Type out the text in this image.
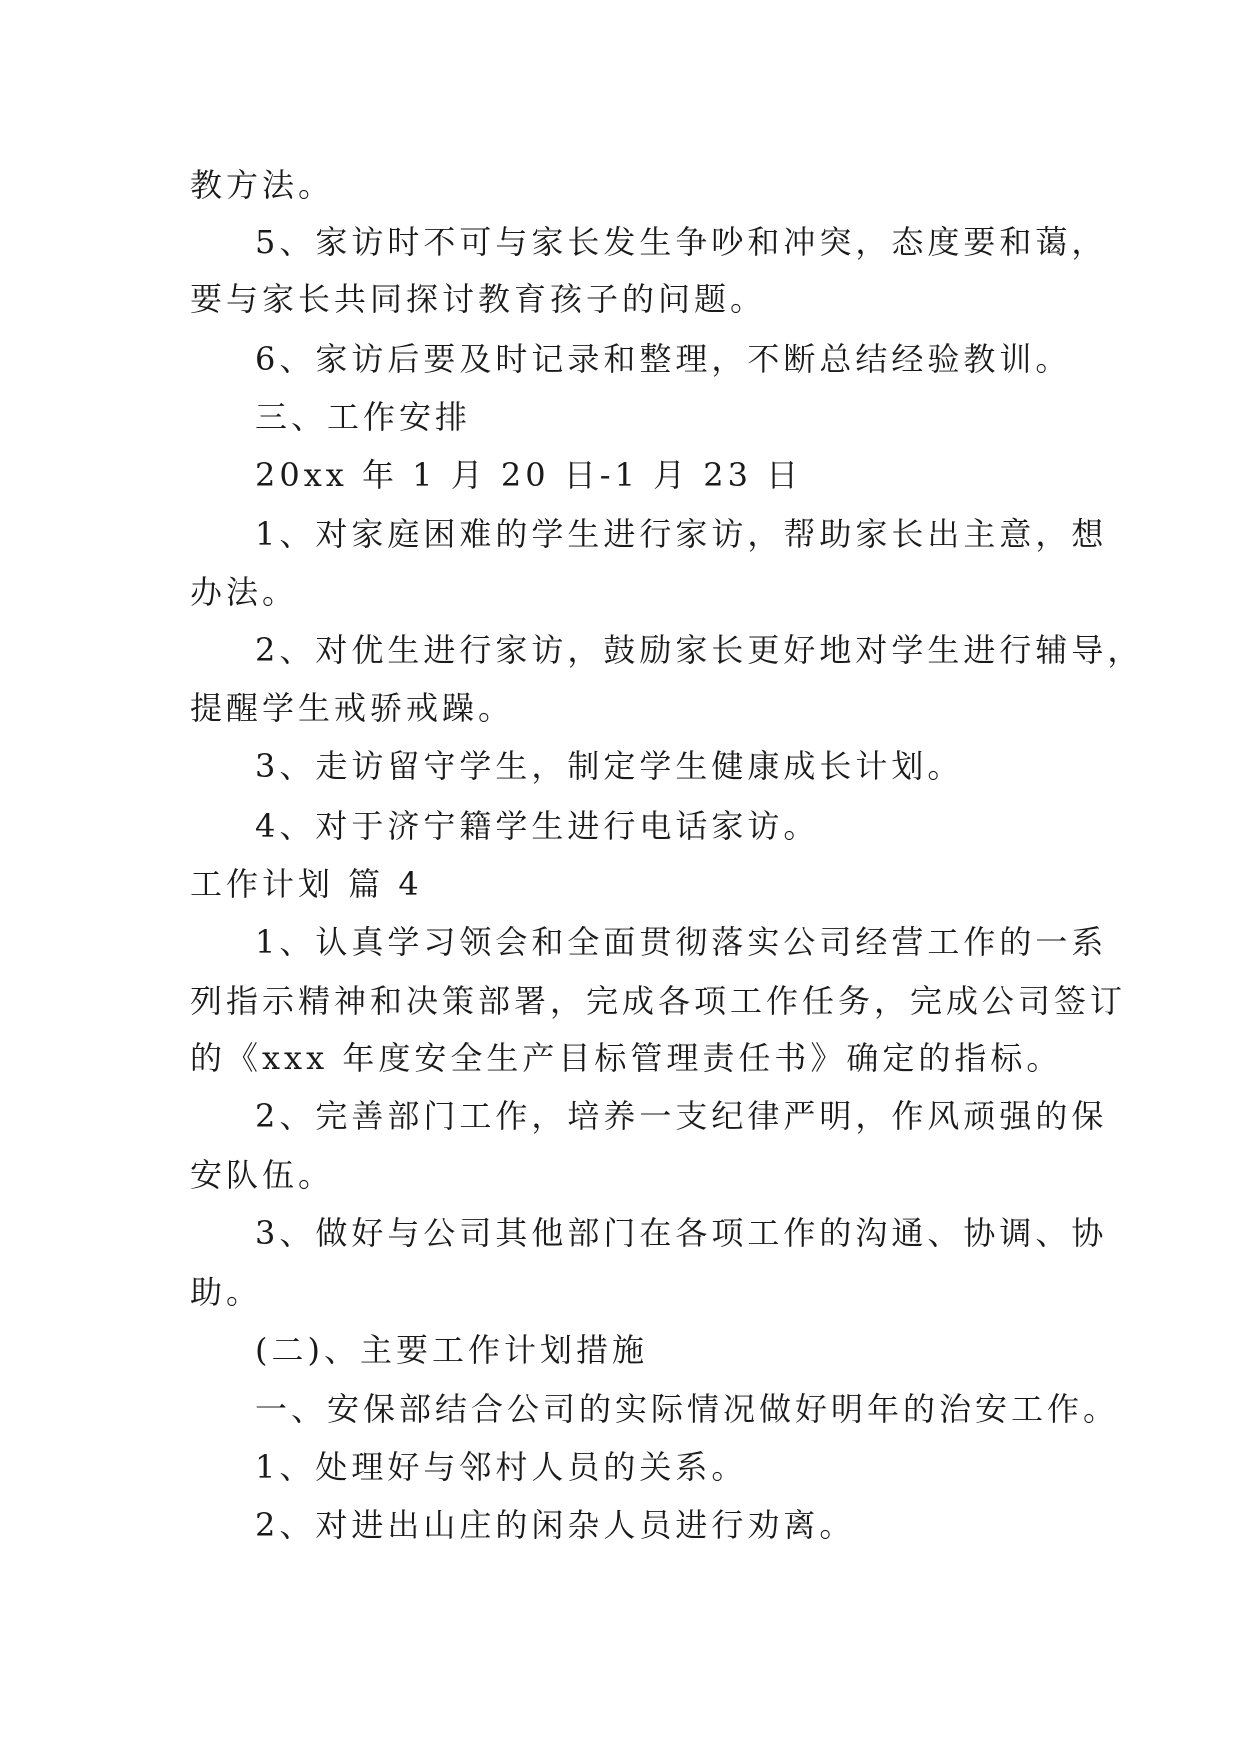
教方法。
5、家访时不可与家长发生争吵和冲突，态度要和蔼，
要与家长共同探讨教育孩子的问题。
6、家访后要及时记录和整理，不断总结经验教训。
三、工作安排
20xx 年 1 月 20 日-1 月 23 日
1、对家庭困难的学生进行家访，帮助家长出主意，想
办法。
2、对优生进行家访，鼓励家长更好地对学生进行辅导，
提醒学生戒骄戒躁。
3、走访留守学生，制定学生健康成长计划。
4、对于济宁籍学生进行电话家访。
工作计划 篇 4
1、认真学习领会和全面贯彻落实公司经营工作的一系
列指示精神和决策部署，完成各项工作任务，完成公司签订
的《xxx 年度安全生产目标管理责任书》确定的指标。
2、完善部门工作，培养一支纪律严明，作风顽强的保
安队伍。
3、做好与公司其他部门在各项工作的沟通、协调、协
助。
(二)、主要工作计划措施
一、安保部结合公司的实际情况做好明年的治安工作。
1、处理好与邻村人员的关系。
2、对进出山庄的闲杂人员进行劝离。
